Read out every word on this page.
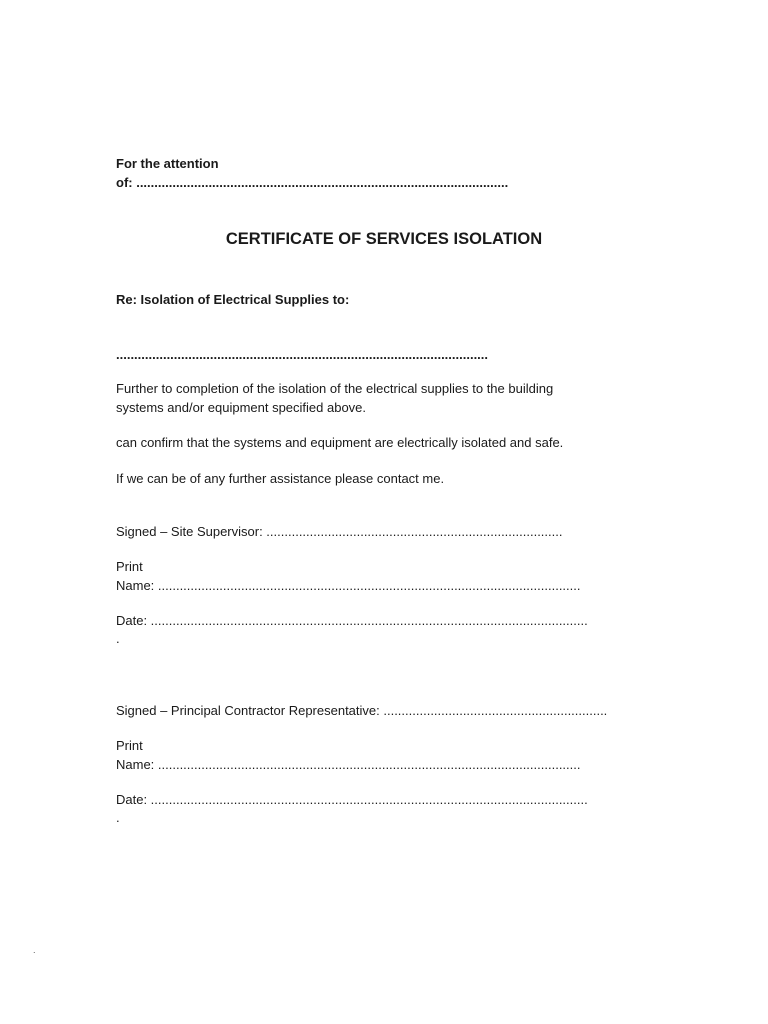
For the attention
of: .......................................................................................................
CERTIFICATE OF SERVICES ISOLATION
Re: Isolation of Electrical Supplies to:
.......................................................................................................
Further to completion of the isolation of the electrical supplies to the building
systems and/or equipment specified above.
can confirm that the systems and equipment are electrically isolated and safe.
If we can be of any further assistance please contact me.
Signed – Site Supervisor: ..................................................................................
Print
Name: .....................................................................................................................
Date: .........................................................................................................................
.
Signed – Principal Contractor Representative: ..............................................................
Print
Name: .....................................................................................................................
Date: .........................................................................................................................
.
.
